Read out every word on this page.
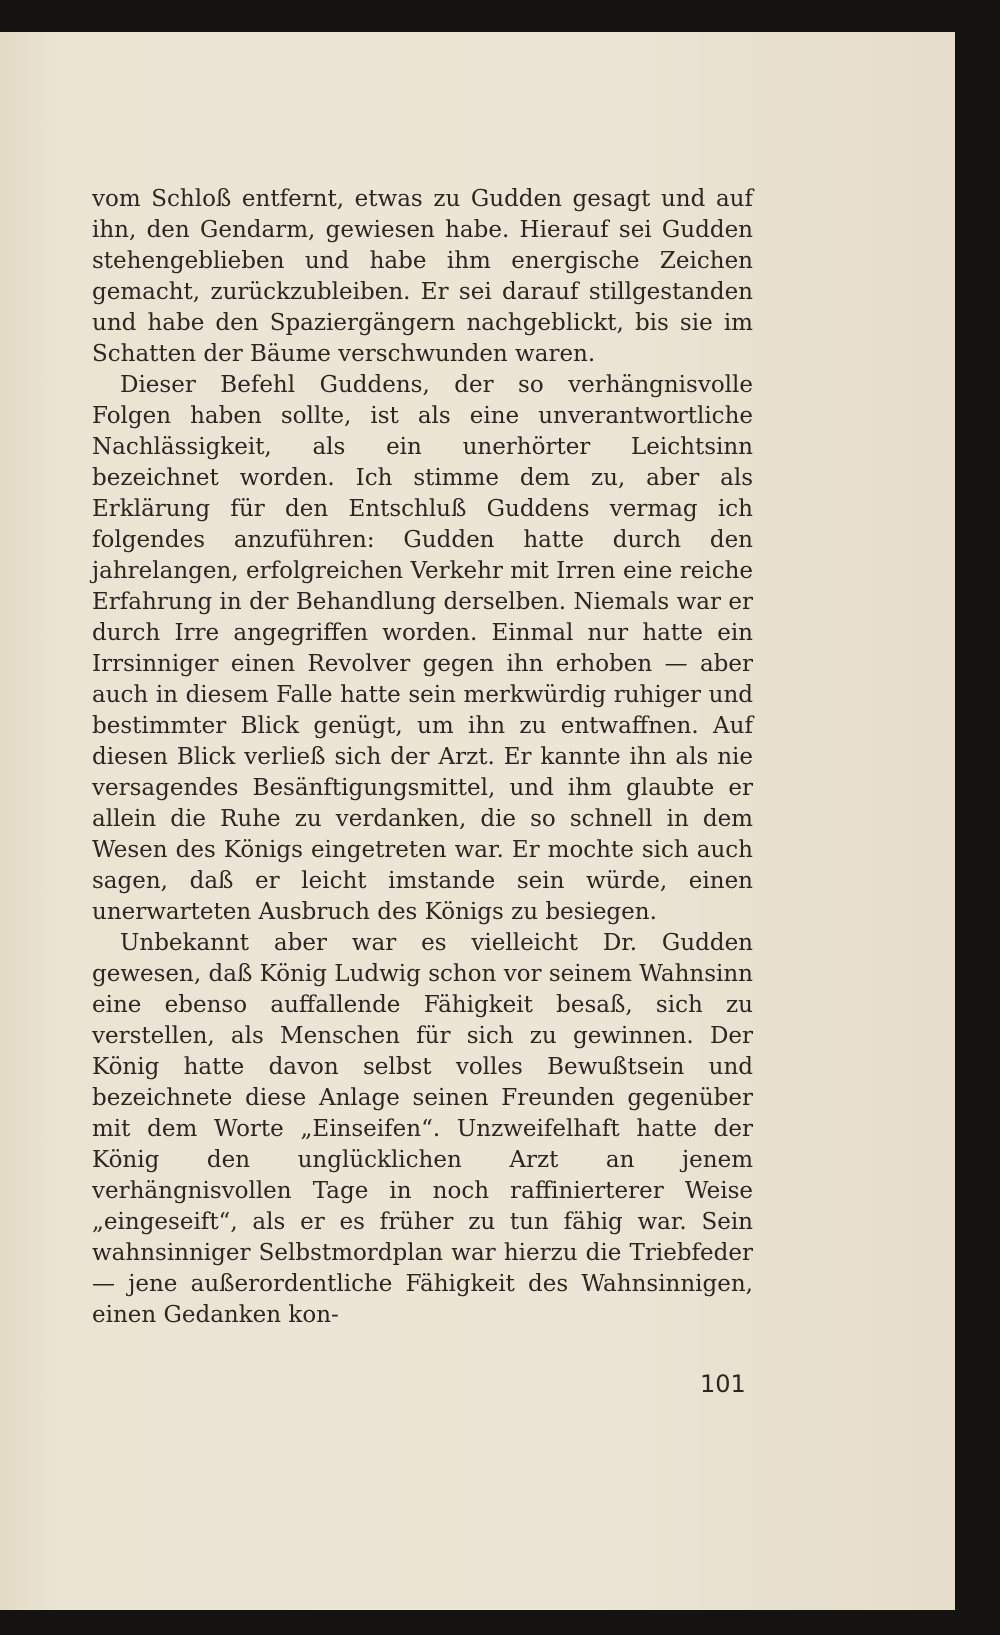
vom Schloß entfernt, etwas zu Gudden gesagt und auf ihn, den Gendarm, gewiesen habe. Hierauf sei Gudden stehengeblieben und habe ihm energische Zeichen gemacht, zurückzubleiben. Er sei darauf stillgestanden und habe den Spaziergängern nachgeblickt, bis sie im Schatten der Bäume verschwunden waren.

Dieser Befehl Guddens, der so verhängnisvolle Folgen haben sollte, ist als eine unverantwortliche Nachlässigkeit, als ein unerhörter Leichtsinn bezeichnet worden. Ich stimme dem zu, aber als Erklärung für den Entschluß Guddens vermag ich folgendes anzuführen: Gudden hatte durch den jahrelangen, erfolgreichen Verkehr mit Irren eine reiche Erfahrung in der Behandlung derselben. Niemals war er durch Irre angegriffen worden. Einmal nur hatte ein Irrsinniger einen Revolver gegen ihn erhoben — aber auch in diesem Falle hatte sein merkwürdig ruhiger und bestimmter Blick genügt, um ihn zu entwaffnen. Auf diesen Blick verließ sich der Arzt. Er kannte ihn als nie versagendes Besänftigungsmittel, und ihm glaubte er allein die Ruhe zu verdanken, die so schnell in dem Wesen des Königs eingetreten war. Er mochte sich auch sagen, daß er leicht imstande sein würde, einen unerwarteten Ausbruch des Königs zu besiegen.

Unbekannt aber war es vielleicht Dr. Gudden gewesen, daß König Ludwig schon vor seinem Wahnsinn eine ebenso auffallende Fähigkeit besaß, sich zu verstellen, als Menschen für sich zu gewinnen. Der König hatte davon selbst volles Bewußtsein und bezeichnete diese Anlage seinen Freunden gegenüber mit dem Worte „Einseifen“. Unzweifelhaft hatte der König den unglücklichen Arzt an jenem verhängnisvollen Tage in noch raffinierterer Weise „eingeseift“, als er es früher zu tun fähig war. Sein wahnsinniger Selbstmordplan war hierzu die Triebfeder — jene außerordentliche Fähigkeit des Wahnsinnigen, einen Gedanken kon-

101
